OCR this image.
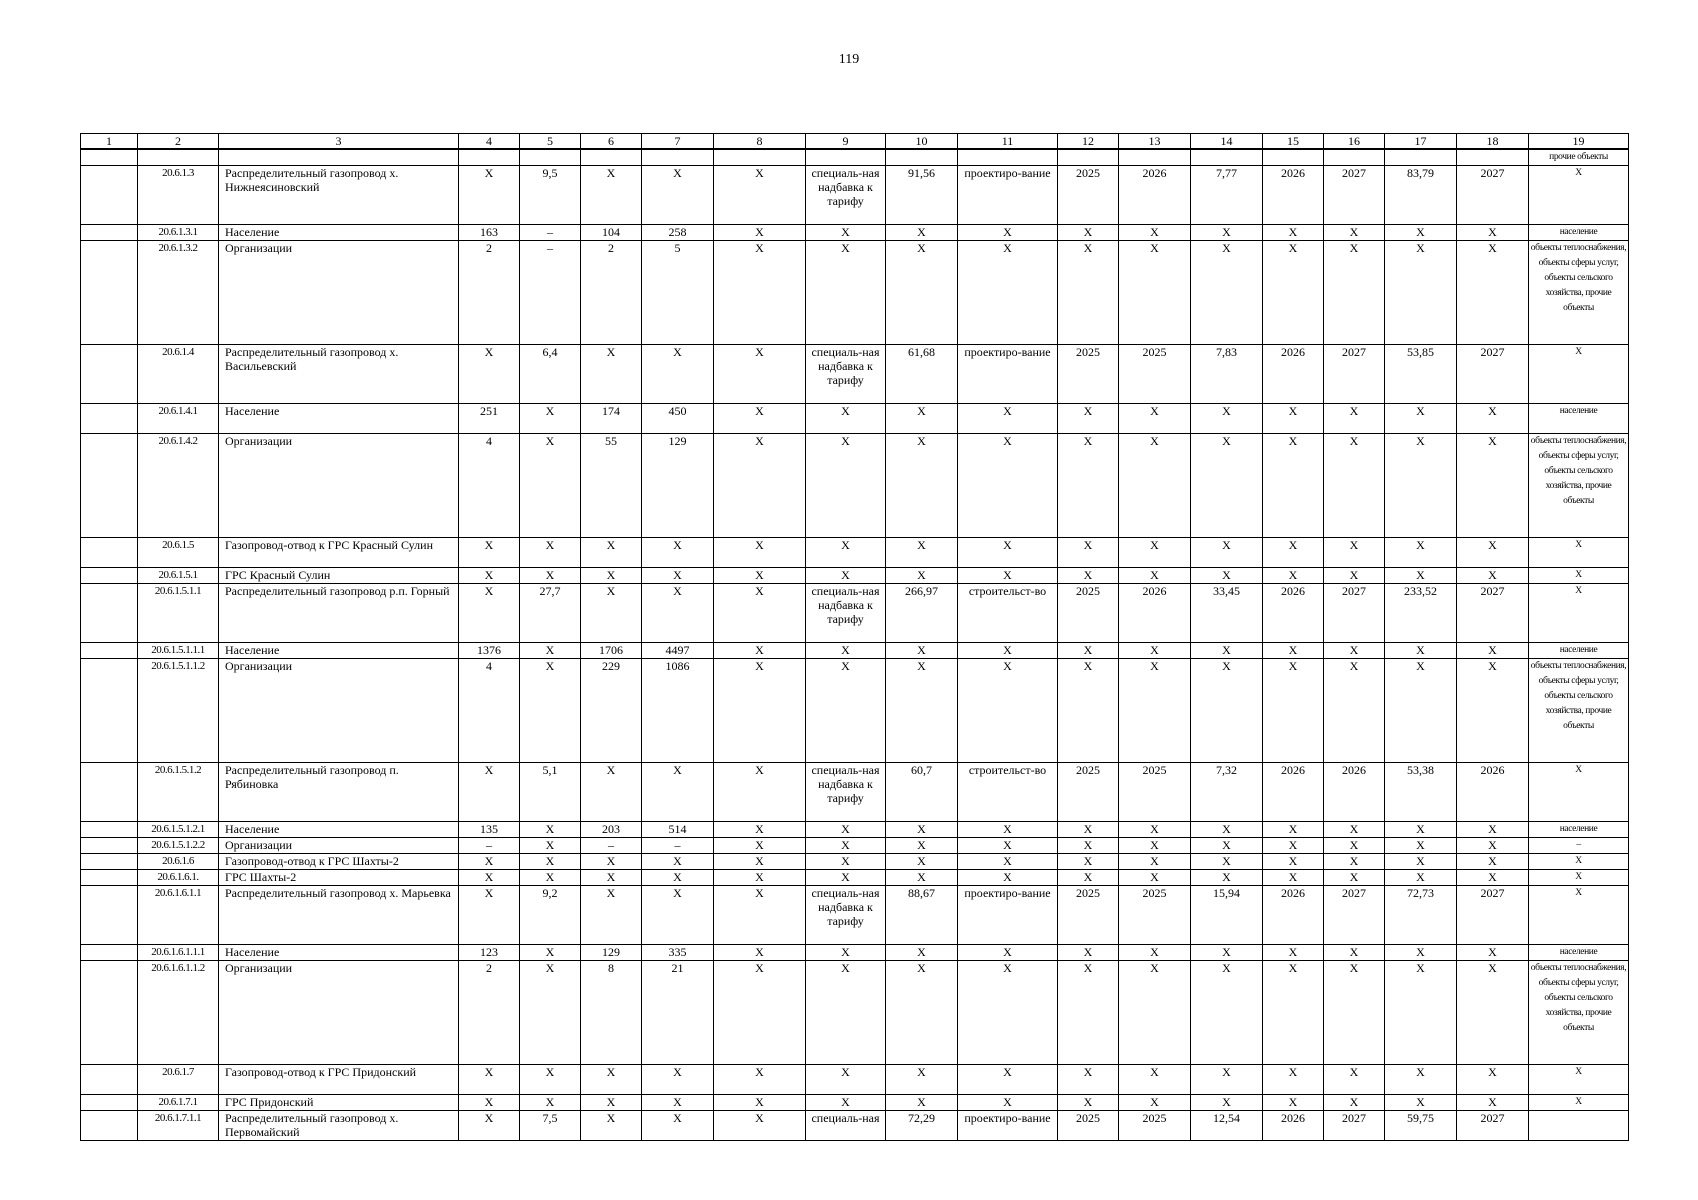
119
1	2	3	4	5	6	7	8	9	10	11	12	13	14	15	16	17	18	19
																		прочие объекты
	20.6.1.3	Распределительный газопровод х. Нижнеясиновский	Х	9,5	Х	Х	Х	специаль-ная надбавка к тарифу	91,56	проектиро-вание	2025	2026	7,77	2026	2027	83,79	2027	Х
	20.6.1.3.1	Население	163	–	104	258	Х	Х	Х	Х	Х	Х	Х	Х	Х	Х	Х	население
	20.6.1.3.2	Организации	2	–	2	5	Х	Х	Х	Х	Х	Х	Х	Х	Х	Х	Х	объекты теплоснабжения, объекты сферы услуг, объекты сельского хозяйства, прочие объекты
	20.6.1.4	Распределительный газопровод х. Васильевский	Х	6,4	Х	Х	Х	специаль-ная надбавка к тарифу	61,68	проектиро-вание	2025	2025	7,83	2026	2027	53,85	2027	Х
	20.6.1.4.1	Население	251	Х	174	450	Х	Х	Х	Х	Х	Х	Х	Х	Х	Х	Х	население
	20.6.1.4.2	Организации	4	Х	55	129	Х	Х	Х	Х	Х	Х	Х	Х	Х	Х	Х	объекты теплоснабжения, объекты сферы услуг, объекты сельского хозяйства, прочие объекты
	20.6.1.5	Газопровод-отвод к ГРС Красный Сулин	Х	Х	Х	Х	Х	Х	Х	Х	Х	Х	Х	Х	Х	Х	Х	Х
	20.6.1.5.1	ГРС Красный Сулин	Х	Х	Х	Х	Х	Х	Х	Х	Х	Х	Х	Х	Х	Х	Х	Х
	20.6.1.5.1.1	Распределительный газопровод р.п. Горный	Х	27,7	Х	Х	Х	специаль-ная надбавка к тарифу	266,97	строительст-во	2025	2026	33,45	2026	2027	233,52	2027	Х
	20.6.1.5.1.1.1	Население	1376	Х	1706	4497	Х	Х	Х	Х	Х	Х	Х	Х	Х	Х	Х	население
	20.6.1.5.1.1.2	Организации	4	Х	229	1086	Х	Х	Х	Х	Х	Х	Х	Х	Х	Х	Х	объекты теплоснабжения, объекты сферы услуг, объекты сельского хозяйства, прочие объекты
	20.6.1.5.1.2	Распределительный газопровод п. Рябиновка	Х	5,1	Х	Х	Х	специаль-ная надбавка к тарифу	60,7	строительст-во	2025	2025	7,32	2026	2026	53,38	2026	Х
	20.6.1.5.1.2.1	Население	135	Х	203	514	Х	Х	Х	Х	Х	Х	Х	Х	Х	Х	Х	население
	20.6.1.5.1.2.2	Организации	–	Х	–	–	Х	Х	Х	Х	Х	Х	Х	Х	Х	Х	Х	–
	20.6.1.6	Газопровод-отвод к ГРС Шахты-2	Х	Х	Х	Х	Х	Х	Х	Х	Х	Х	Х	Х	Х	Х	Х	Х
	20.6.1.6.1.	ГРС Шахты-2	Х	Х	Х	Х	Х	Х	Х	Х	Х	Х	Х	Х	Х	Х	Х	Х
	20.6.1.6.1.1	Распределительный газопровод х. Марьевка	Х	9,2	Х	Х	Х	специаль-ная надбавка к тарифу	88,67	проектиро-вание	2025	2025	15,94	2026	2027	72,73	2027	Х
	20.6.1.6.1.1.1	Население	123	Х	129	335	Х	Х	Х	Х	Х	Х	Х	Х	Х	Х	Х	население
	20.6.1.6.1.1.2	Организации	2	Х	8	21	Х	Х	Х	Х	Х	Х	Х	Х	Х	Х	Х	объекты теплоснабжения, объекты сферы услуг, объекты сельского хозяйства, прочие объекты
	20.6.1.7	Газопровод-отвод к ГРС Придонский	Х	Х	Х	Х	Х	Х	Х	Х	Х	Х	Х	Х	Х	Х	Х	Х
	20.6.1.7.1	ГРС Придонский	Х	Х	Х	Х	Х	Х	Х	Х	Х	Х	Х	Х	Х	Х	Х	Х
	20.6.1.7.1.1	Распределительный газопровод х. Первомайский	Х	7,5	Х	Х	Х	специаль-ная	72,29	проектиро-вание	2025	2025	12,54	2026	2027	59,75	2027	
